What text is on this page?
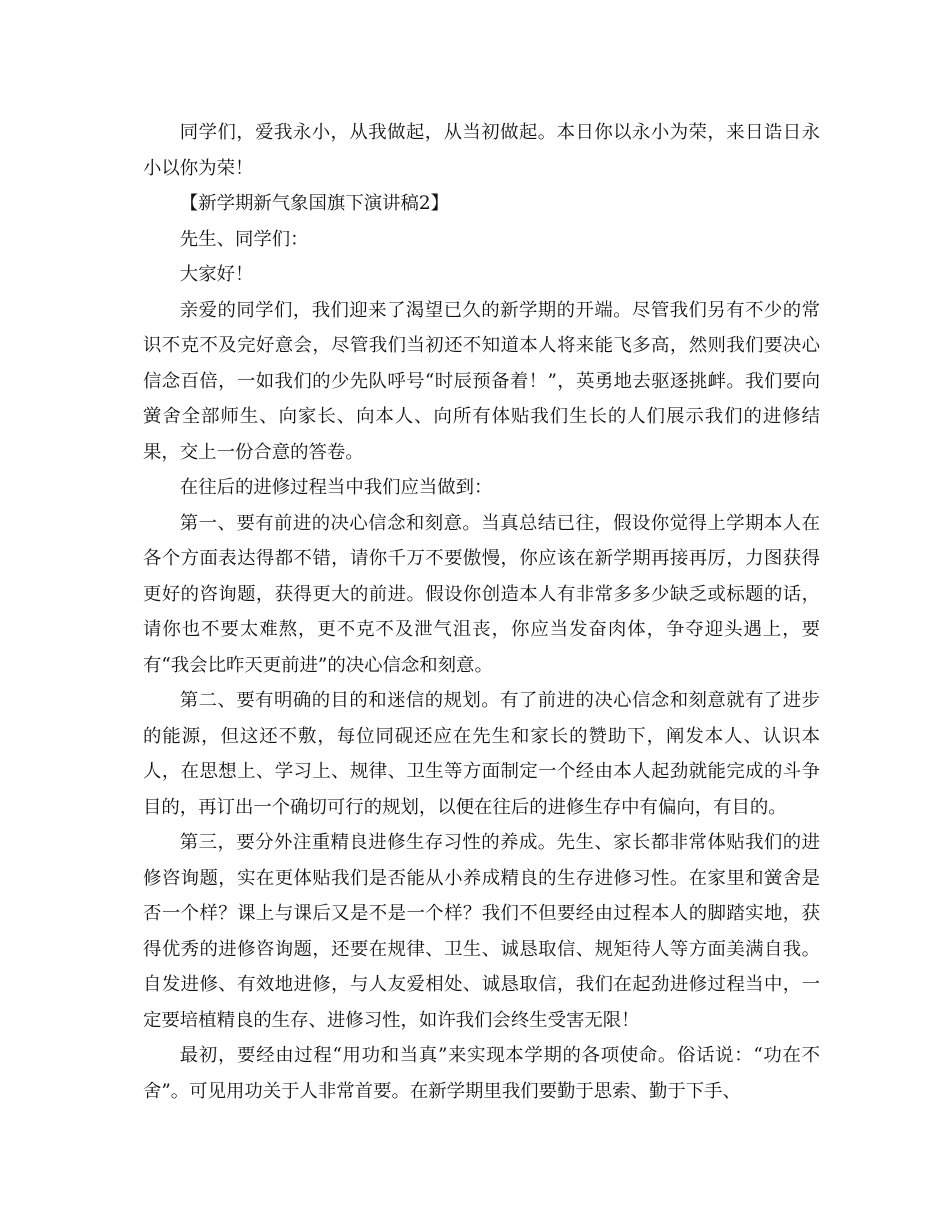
同学们，爱我永小，从我做起，从当初做起。本日你以永小为荣，来日诰日永小以你为荣！

【新学期新气象国旗下演讲稿2】

先生、同学们：

大家好！

亲爱的同学们，我们迎来了渴望已久的新学期的开端。尽管我们另有不少的常识不克不及完好意会，尽管我们当初还不知道本人将来能飞多高，然则我们要决心信念百倍，一如我们的少先队呼号“时辰预备着！”，英勇地去驱逐挑衅。我们要向黉舍全部师生、向家长、向本人、向所有体贴我们生长的人们展示我们的进修结果，交上一份合意的答卷。

在往后的进修过程当中我们应当做到：

第一、要有前进的决心信念和刻意。当真总结已往，假设你觉得上学期本人在各个方面表达得都不错，请你千万不要傲慢，你应该在新学期再接再厉，力图获得更好的咨询题，获得更大的前进。假设你创造本人有非常多多少缺乏或标题的话，请你也不要太难熬，更不克不及泄气沮丧，你应当发奋肉体，争夺迎头遇上，要有“我会比昨天更前进”的决心信念和刻意。

第二、要有明确的目的和迷信的规划。有了前进的决心信念和刻意就有了进步的能源，但这还不敷，每位同砚还应在先生和家长的赞助下，阐发本人、认识本人，在思想上、学习上、规律、卫生等方面制定一个经由本人起劲就能完成的斗争目的，再订出一个确切可行的规划，以便在往后的进修生存中有偏向，有目的。

第三，要分外注重精良进修生存习性的养成。先生、家长都非常体贴我们的进修咨询题，实在更体贴我们是否能从小养成精良的生存进修习性。在家里和黉舍是否一个样？课上与课后又是不是一个样？我们不但要经由过程本人的脚踏实地，获得优秀的进修咨询题，还要在规律、卫生、诚恳取信、规矩待人等方面美满自我。自发进修、有效地进修，与人友爱相处、诚恳取信，我们在起劲进修过程当中，一定要培植精良的生存、进修习性，如许我们会终生受害无限！

最初，要经由过程“用功和当真”来实现本学期的各项使命。俗话说：“功在不舍”。可见用功关于人非常首要。在新学期里我们要勤于思索、勤于下手、
